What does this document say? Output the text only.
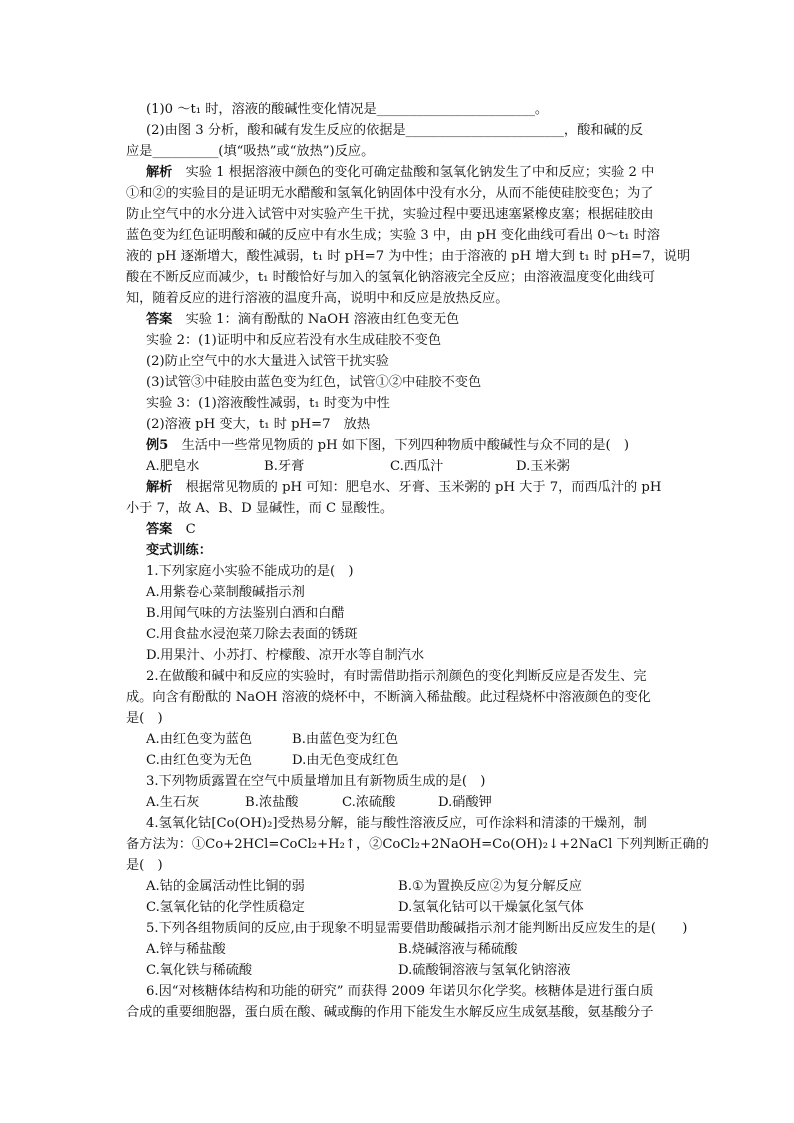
(1)0 ～t₁ 时，溶液的酸碱性变化情况是________________________。
(2)由图 3 分析，酸和碱有发生反应的依据是________________________，酸和碱的反
应是__________(填“吸热”或“放热”)反应。
解析　 实验 1 根据溶液中颜色的变化可确定盐酸和氢氧化钠发生了中和反应；实验 2 中
①和②的实验目的是证明无水醋酸和氢氧化钠固体中没有水分，从而不能使硅胶变色；为了
防止空气中的水分进入试管中对实验产生干扰，实验过程中要迅速塞紧橡皮塞；根据硅胶由
蓝色变为红色证明酸和碱的反应中有水生成；实验 3 中，由 pH 变化曲线可看出 0～t₁ 时溶
液的 pH 逐渐增大，酸性减弱，t₁ 时 pH=7 为中性；由于溶液的 pH 增大到 t₁ 时 pH=7，说明
酸在不断反应而减少，t₁ 时酸恰好与加入的氢氧化钠溶液完全反应；由溶液温度变化曲线可
知，随着反应的进行溶液的温度升高，说明中和反应是放热反应。
答案　 实验 1：滴有酚酞的 NaOH 溶液由红色变无色
实验 2：(1)证明中和反应若没有水生成硅胶不变色
(2)防止空气中的水大量进入试管干扰实验
(3)试管③中硅胶由蓝色变为红色，试管①②中硅胶不变色
实验 3：(1)溶液酸性减弱，t₁ 时变为中性
(2)溶液 pH 变大，t₁ 时 pH=7　放热
例5　 生活中一些常见物质的 pH 如下图，下列四种物质中酸碱性与众不同的是(　)
A.肥皂水	B.牙膏	C.西瓜汁	D.玉米粥
解析　 根据常见物质的 pH 可知：肥皂水、牙膏、玉米粥的 pH 大于 7，而西瓜汁的 pH
小于 7，故 A、B、D 显碱性，而 C 显酸性。
答案　 C
变式训练：
1.下列家庭小实验不能成功的是(　)
A.用紫卷心菜制酸碱指示剂
B.用闻气味的方法鉴别白酒和白醋
C.用食盐水浸泡菜刀除去表面的锈斑
D.用果汁、小苏打、柠檬酸、凉开水等自制汽水
2.在做酸和碱中和反应的实验时，有时需借助指示剂颜色的变化判断反应是否发生、完
成。向含有酚酞的 NaOH 溶液的烧杯中，不断滴入稀盐酸。此过程烧杯中溶液颜色的变化
是(　)
A.由红色变为蓝色	B.由蓝色变为红色
C.由红色变为无色	D.由无色变成红色
3.下列物质露置在空气中质量增加且有新物质生成的是(　)
A.生石灰	B.浓盐酸	C.浓硫酸	D.硝酸钾
4.氢氧化钴[Co(OH)₂]受热易分解，能与酸性溶液反应，可作涂料和清漆的干燥剂，制
备方法为：①Co+2HCl=CoCl₂+H₂↑，②CoCl₂+2NaOH=Co(OH)₂↓+2NaCl 下列判断正确的
是(　)
A.钴的金属活动性比铜的弱	B.①为置换反应②为复分解反应
C.氢氧化钴的化学性质稳定	D.氢氧化钴可以干燥氯化氢气体
5.下列各组物质间的反应,由于现象不明显需要借助酸碱指示剂才能判断出反应发生的是(　　)
A.锌与稀盐酸	B.烧碱溶液与稀硫酸
C.氧化铁与稀硫酸	D.硫酸铜溶液与氢氧化钠溶液
6.因“对核糖体结构和功能的研究” 而获得 2009 年诺贝尔化学奖。核糖体是进行蛋白质
合成的重要细胞器，蛋白质在酸、碱或酶的作用下能发生水解反应生成氨基酸，氨基酸分子
